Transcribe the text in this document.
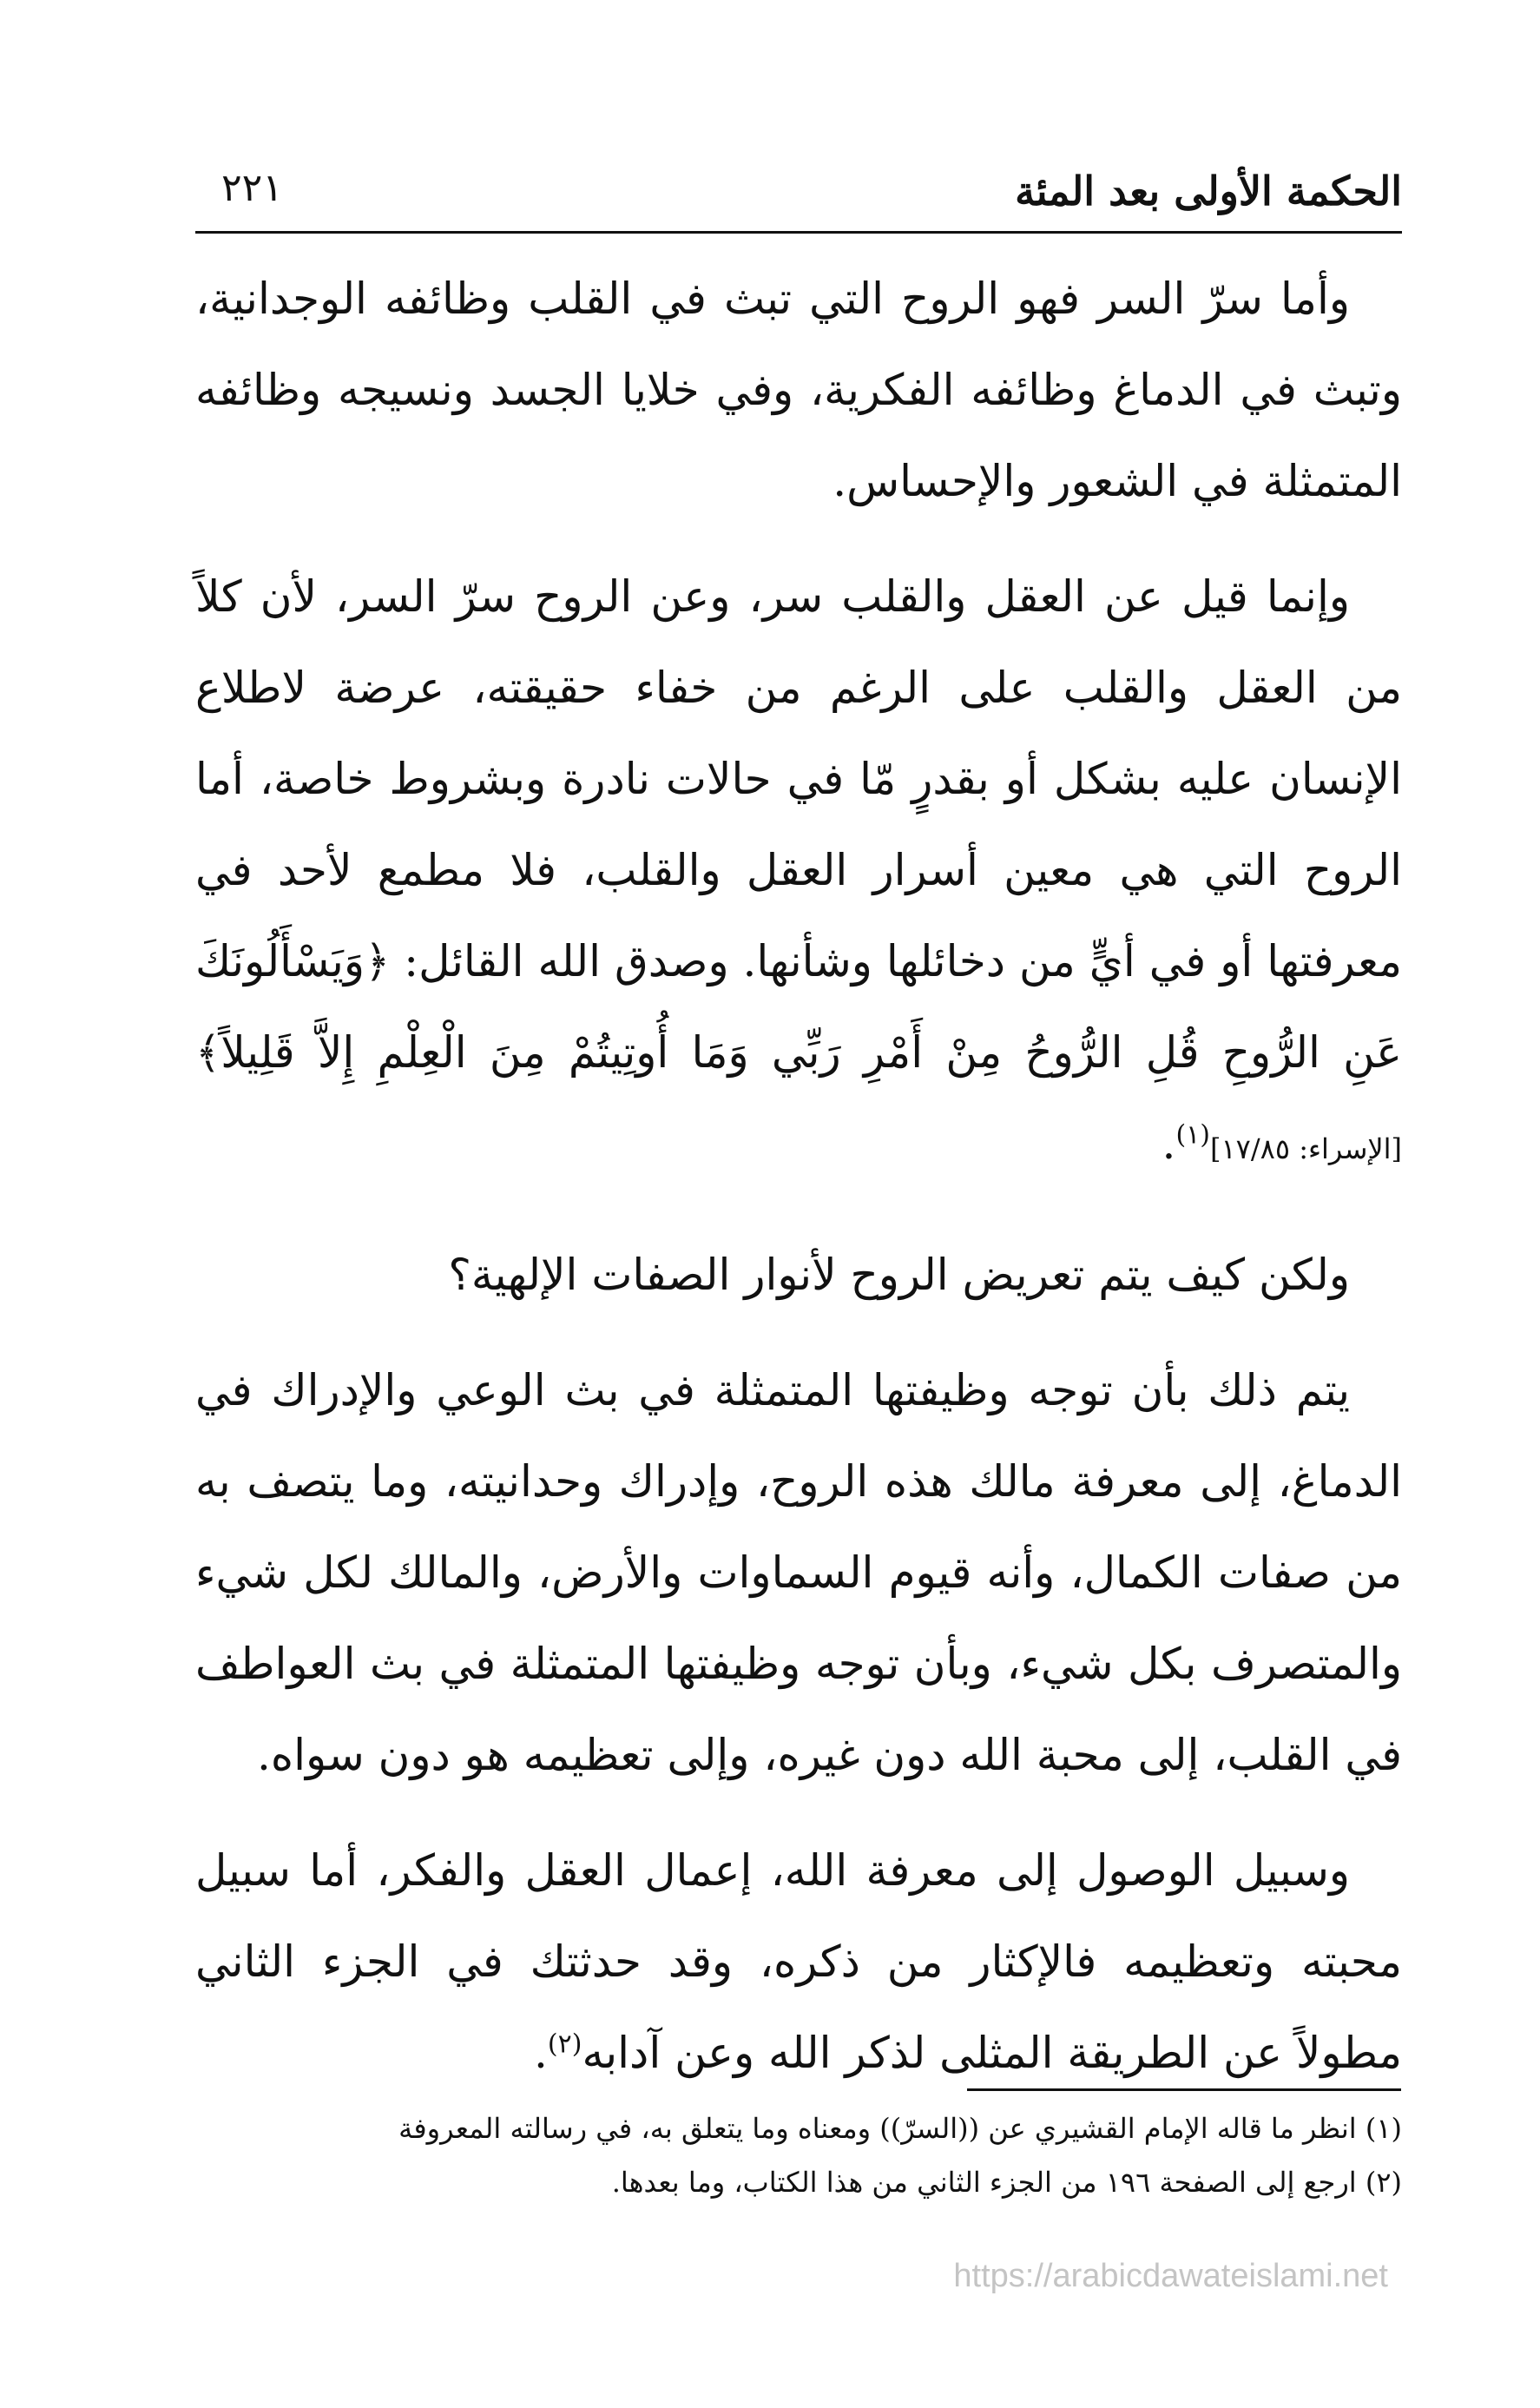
الحكمة الأولى بعد المئة
٢٢١

وأما سرّ السر فهو الروح التي تبث في القلب وظائفه الوجدانية، وتبث في الدماغ وظائفه الفكرية، وفي خلايا الجسد ونسيجه وظائفه المتمثلة في الشعور والإحساس.

وإنما قيل عن العقل والقلب سر، وعن الروح سرّ السر، لأن كلاً من العقل والقلب على الرغم من خفاء حقيقته، عرضة لاطلاع الإنسان عليه بشكل أو بقدرٍ مّا في حالات نادرة وبشروط خاصة، أما الروح التي هي معين أسرار العقل والقلب، فلا مطمع لأحد في معرفتها أو في أيٍّ من دخائلها وشأنها. وصدق الله القائل: ﴿وَيَسْأَلُونَكَ عَنِ الرُّوحِ قُلِ الرُّوحُ مِنْ أَمْرِ رَبِّي وَمَا أُوتِيتُمْ مِنَ الْعِلْمِ إِلاَّ قَلِيلاً﴾ [الإسراء: ١٧/٨٥]$^{(١)}$.

ولكن كيف يتم تعريض الروح لأنوار الصفات الإلهية؟

يتم ذلك بأن توجه وظيفتها المتمثلة في بث الوعي والإدراك في الدماغ، إلى معرفة مالك هذه الروح، وإدراك وحدانيته، وما يتصف به من صفات الكمال، وأنه قيوم السماوات والأرض، والمالك لكل شيء والمتصرف بكل شيء، وبأن توجه وظيفتها المتمثلة في بث العواطف في القلب، إلى محبة الله دون غيره، وإلى تعظيمه هو دون سواه.

وسبيل الوصول إلى معرفة الله، إعمال العقل والفكر، أما سبيل محبته وتعظيمه فالإكثار من ذكره، وقد حدثتك في الجزء الثاني مطولاً عن الطريقة المثلى لذكر الله وعن آدابه$^{(٢)}$.

(١) انظر ما قاله الإمام القشيري عن ((السرّ)) ومعناه وما يتعلق به، في رسالته المعروفة

(٢) ارجع إلى الصفحة ١٩٦ من الجزء الثاني من هذا الكتاب، وما بعدها.

https://arabicdawateislami.net
